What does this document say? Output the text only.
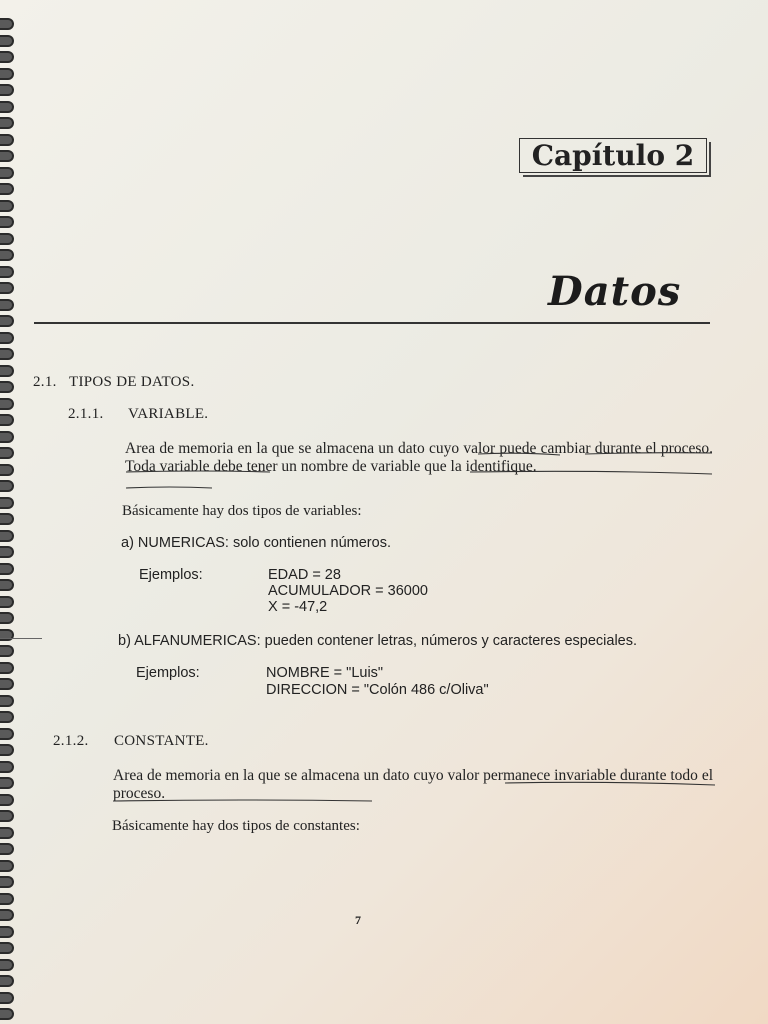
Capítulo 2
Datos
2.1. TIPOS DE DATOS.
2.1.1. VARIABLE.
Area de memoria en la que se almacena un dato cuyo valor puede cambiar durante el proceso. Toda variable debe tener un nombre de variable que la identifique.
Básicamente hay dos tipos de variables:
a) NUMERICAS: solo contienen números.
Ejemplos:	EDAD = 28
ACUMULADOR = 36000
X = -47,2
b) ALFANUMERICAS: pueden contener letras, números y caracteres especiales.
Ejemplos:	NOMBRE = "Luis"
DIRECCION = "Colón 486 c/Oliva"
2.1.2. CONSTANTE.
Area de memoria en la que se almacena un dato cuyo valor permanece invariable durante todo el proceso.
Básicamente hay dos tipos de constantes:
7
